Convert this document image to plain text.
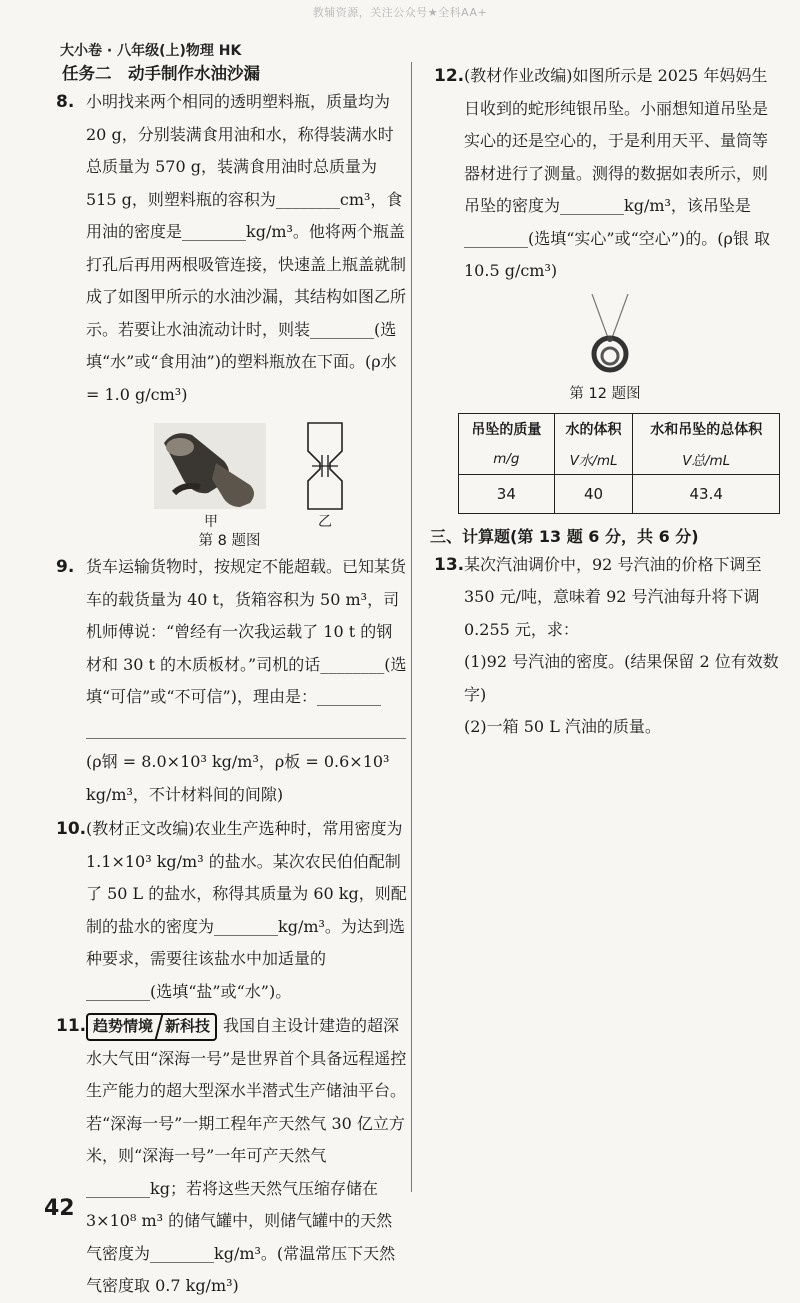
教辅资源，关注公众号★全科AA+
大小卷 · 八年级(上)物理 HK
任务二　动手制作水油沙漏
8. 小明找来两个相同的透明塑料瓶，质量均为 20 g，分别装满食用油和水，称得装满水时总质量为 570 g，装满食用油时总质量为 515 g，则塑料瓶的容积为________cm³，食用油的密度是________kg/m³。他将两个瓶盖打孔后再用两根吸管连接，快速盖上瓶盖就制成了如图甲所示的水油沙漏，其结构如图乙所示。若要让水油流动计时，则装________(选填“水”或“食用油”)的塑料瓶放在下面。(ρ水 = 1.0 g/cm³)

甲	乙
第 8 题图
9. 货车运输货物时，按规定不能超载。已知某货车的载货量为 40 t，货箱容积为 50 m³，司机师傅说：“曾经有一次我运载了 10 t 的钢材和 30 t 的木质板材。”司机的话________(选填“可信”或“不可信”)，理由是：________

________________________________________

(ρ钢 = 8.0×10³ kg/m³，ρ板 = 0.6×10³ kg/m³，不计材料间的间隙)

10. (教材正文改编)农业生产选种时，常用密度为 1.1×10³ kg/m³ 的盐水。某次农民伯伯配制了 50 L 的盐水，称得其质量为 60 kg，则配制的盐水的密度为________kg/m³。为达到选种要求，需要往该盐水中加适量的________(选填“盐”或“水”)。

11. 趋势情境 新科技 我国自主设计建造的超深水大气田“深海一号”是世界首个具备远程遥控生产能力的超大型深水半潜式生产储油平台。若“深海一号”一期工程年产天然气 30 亿立方米，则“深海一号”一年可产天然气________kg；若将这些天然气压缩存储在 3×10⁸ m³ 的储气罐中，则储气罐中的天然气密度为________kg/m³。(常温常压下天然气密度取 0.7 kg/m³)

12. (教材作业改编)如图所示是 2025 年妈妈生日收到的蛇形纯银吊坠。小丽想知道吊坠是实心的还是空心的，于是利用天平、量筒等器材进行了测量。测得的数据如表所示，则吊坠的密度为________kg/m³，该吊坠是________(选填“实心”或“空心”)的。(ρ银 取 10.5 g/cm³)

第 12 题图
吊坠的质量	水的体积	水和吊坠的总体积
m/g	V水/mL	V总/mL
34	40	43.4
三、计算题(第 13 题 6 分，共 6 分)
13. 某次汽油调价中，92 号汽油的价格下调至 350 元/吨，意味着 92 号汽油每升将下调 0.255 元，求：

(1)92 号汽油的密度。(结果保留 2 位有效数字)

(2)一箱 50 L 汽油的质量。

42
